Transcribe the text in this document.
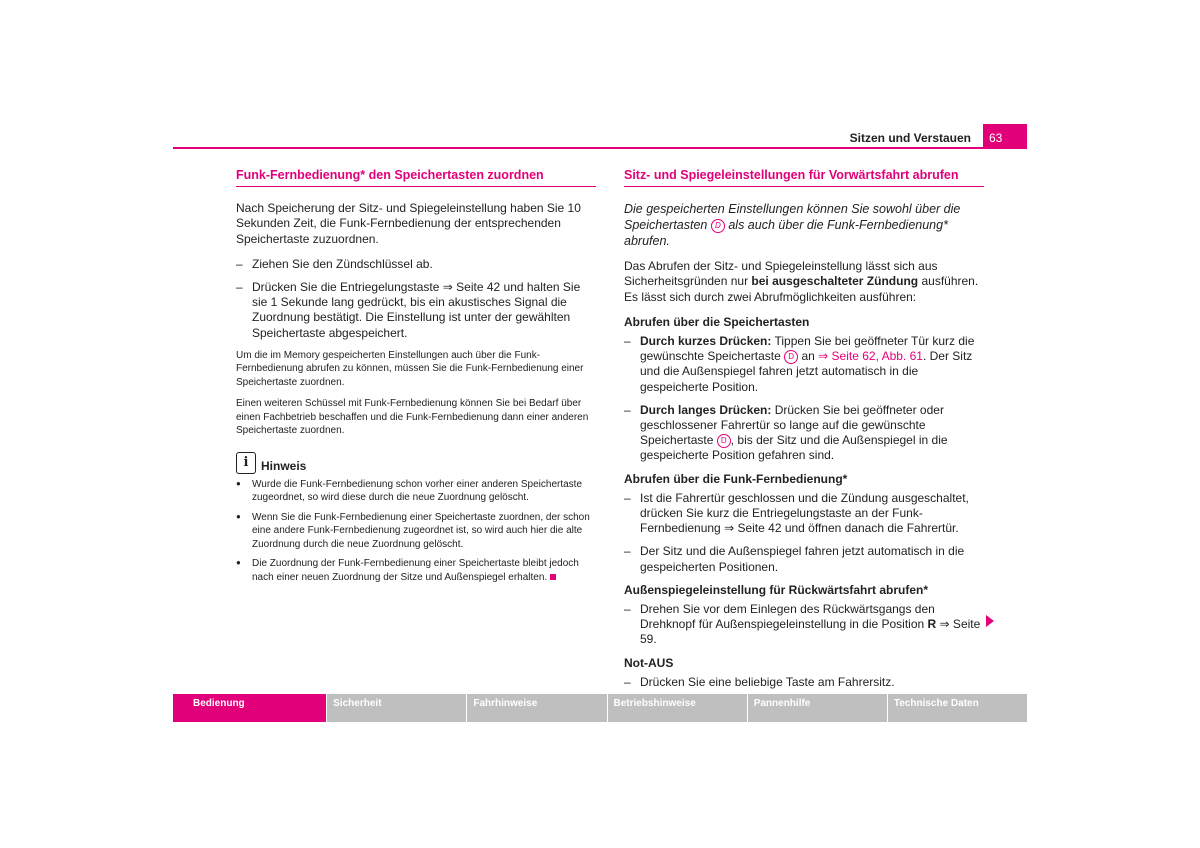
Sitzen und Verstauen 63
Funk-Fernbedienung* den Speichertasten zuordnen

Nach Speicherung der Sitz- und Spiegeleinstellung haben Sie 10 Sekunden Zeit, die Funk-Fernbedienung der entsprechenden Speichertaste zuzuordnen.

– Ziehen Sie den Zündschlüssel ab.
– Drücken Sie die Entriegelungstaste ⇒ Seite 42 und halten Sie sie 1 Sekunde lang gedrückt, bis ein akustisches Signal die Zuordnung bestätigt. Die Einstellung ist unter der gewählten Speichertaste abgespeichert.

Um die im Memory gespeicherten Einstellungen auch über die Funk-Fernbedienung abrufen zu können, müssen Sie die Funk-Fernbedienung einer Speichertaste zuordnen.

Einen weiteren Schüssel mit Funk-Fernbedienung können Sie bei Bedarf über einen Fachbetrieb beschaffen und die Funk-Fernbedienung dann einer anderen Speichertaste zuordnen.

i	Hinweis
● Wurde die Funk-Fernbedienung schon vorher einer anderen Speichertaste zugeordnet, so wird diese durch die neue Zuordnung gelöscht.
● Wenn Sie die Funk-Fernbedienung einer Speichertaste zuordnen, der schon eine andere Funk-Fernbedienung zugeordnet ist, so wird auch hier die alte Zuordnung durch die neue Zuordnung gelöscht.
● Die Zuordnung der Funk-Fernbedienung einer Speichertaste bleibt jedoch nach einer neuen Zuordnung der Sitze und Außenspiegel erhalten.
Sitz- und Spiegeleinstellungen für Vorwärtsfahrt abrufen

Die gespeicherten Einstellungen können Sie sowohl über die Speichertasten D als auch über die Funk-Fernbedienung* abrufen.

Das Abrufen der Sitz- und Spiegeleinstellung lässt sich aus Sicherheitsgründen nur bei ausgeschalteter Zündung ausführen. Es lässt sich durch zwei Abrufmöglichkeiten ausführen:

Abrufen über die Speichertasten
– Durch kurzes Drücken: Tippen Sie bei geöffneter Tür kurz die gewünschte Speichertaste D an ⇒ Seite 62, Abb. 61. Der Sitz und die Außenspiegel fahren jetzt automatisch in die gespeicherte Position.
– Durch langes Drücken: Drücken Sie bei geöffneter oder geschlossener Fahrertür so lange auf die gewünschte Speichertaste D , bis der Sitz und die Außenspiegel in die gespeicherte Position gefahren sind.
Abrufen über die Funk-Fernbedienung*
– Ist die Fahrertür geschlossen und die Zündung ausgeschaltet, drücken Sie kurz die Entriegelungstaste an der Funk-Fernbedienung ⇒ Seite 42 und öffnen danach die Fahrertür.
– Der Sitz und die Außenspiegel fahren jetzt automatisch in die gespeicherten Positionen.
Außenspiegeleinstellung für Rückwärtsfahrt abrufen*
– Drehen Sie vor dem Einlegen des Rückwärtsgangs den Drehknopf für Außenspiegeleinstellung in die Position R ⇒ Seite 59.
Not-AUS
– Drücken Sie eine beliebige Taste am Fahrersitz.
Bedienung	Sicherheit	Fahrhinweise	Betriebshinweise	Pannenhilfe	Technische Daten
